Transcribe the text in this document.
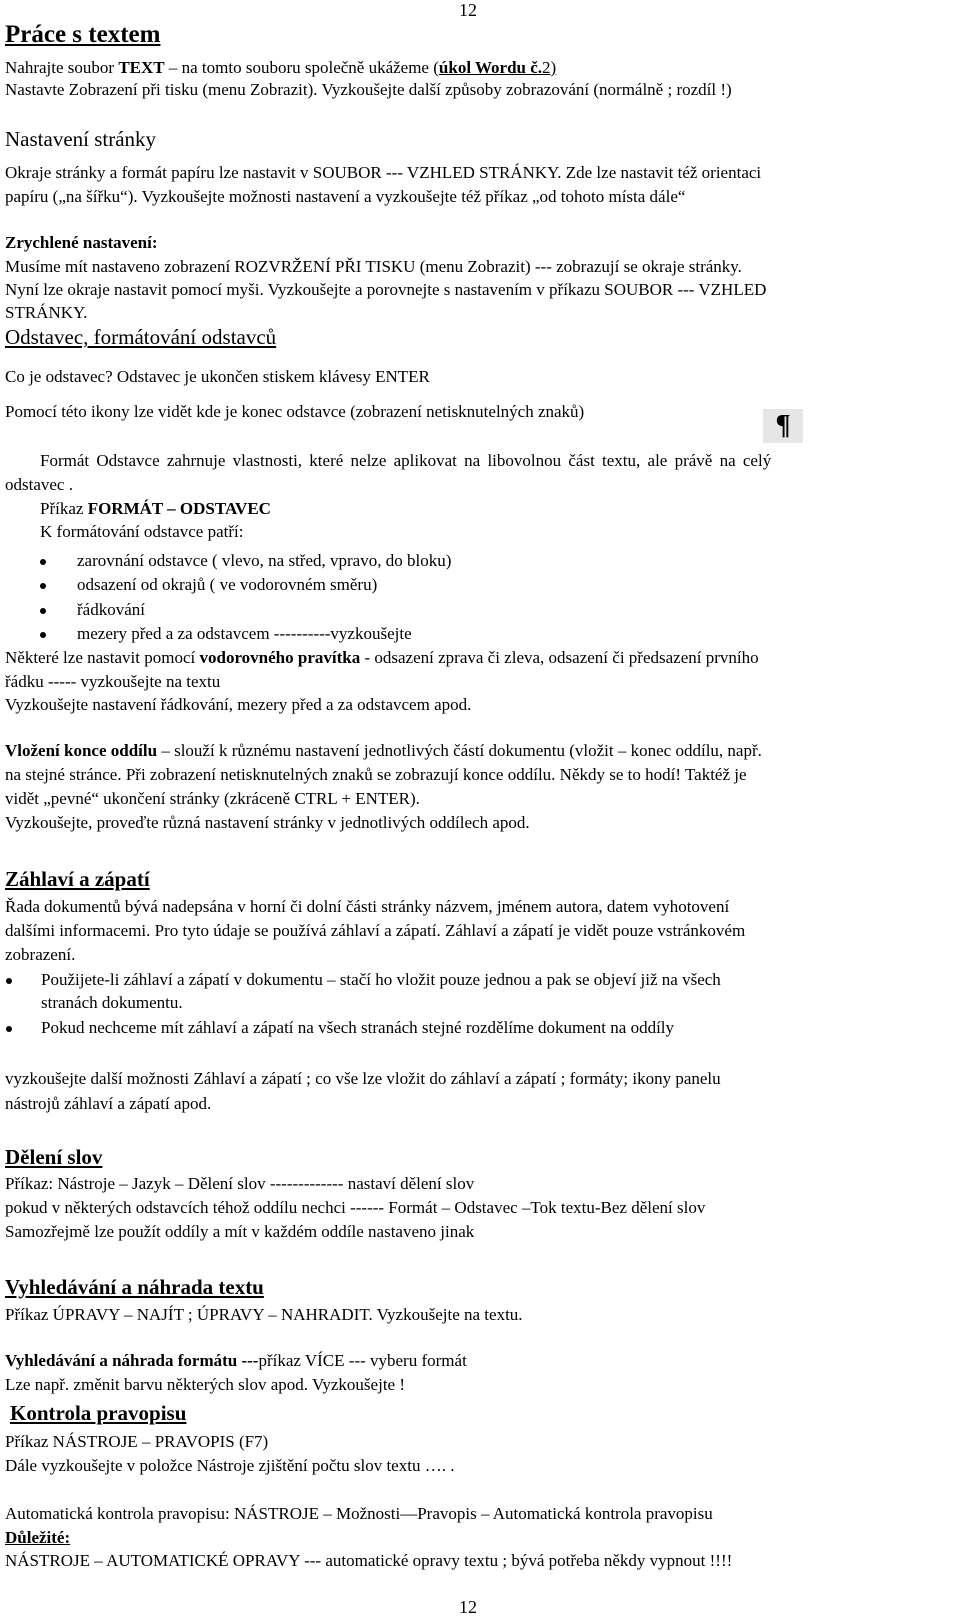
12
Práce s textem
Nahrajte soubor TEXT – na tomto souboru společně ukážeme (úkol Wordu č.2)
Nastavte Zobrazení při tisku (menu Zobrazit). Vyzkoušejte další způsoby zobrazování (normálně ; rozdíl !)
Nastavení stránky
Okraje stránky a formát papíru lze nastavit v SOUBOR --- VZHLED STRÁNKY. Zde lze nastavit též orientaci
papíru („na šířku“). Vyzkoušejte možnosti nastavení a vyzkoušejte též příkaz „od tohoto místa dále“
Zrychlené nastavení:
Musíme mít nastaveno zobrazení ROZVRŽENÍ PŘI TISKU (menu Zobrazit) --- zobrazují se okraje stránky.
Nyní lze okraje nastavit pomocí myši. Vyzkoušejte a porovnejte s nastavením v příkazu SOUBOR --- VZHLED
STRÁNKY.
Odstavec, formátování odstavců
Co je odstavec? Odstavec je ukončen stiskem klávesy ENTER
Pomocí této ikony lze vidět kde je konec odstavce (zobrazení netisknutelných znaků)	¶
Formát Odstavce zahrnuje vlastnosti, které nelze aplikovat na libovolnou část textu, ale právě na celý
odstavec .
Příkaz FORMÁT – ODSTAVEC
K formátování odstavce patří:
zarovnání odstavce ( vlevo, na střed, vpravo, do bloku)
odsazení od okrajů ( ve vodorovném směru)
řádkování
mezery před a za odstavcem ----------vyzkoušejte
Některé lze nastavit pomocí vodorovného pravítka - odsazení zprava či zleva, odsazení či předsazení prvního
řádku ----- vyzkoušejte na textu
Vyzkoušejte nastavení řádkování, mezery před a za odstavcem apod.
Vložení konce oddílu – slouží k různému nastavení jednotlivých částí dokumentu (vložit – konec oddílu, např.
na stejné stránce. Při zobrazení netisknutelných znaků se zobrazují konce oddílu. Někdy se to hodí! Taktéž je
vidět „pevné“ ukončení stránky (zkráceně CTRL + ENTER).
Vyzkoušejte, proveďte různá nastavení stránky v jednotlivých oddílech apod.
Záhlaví a zápatí
Řada dokumentů bývá nadepsána v horní či dolní části stránky názvem, jménem autora, datem vyhotovení
dalšími informacemi. Pro tyto údaje se používá záhlaví a zápatí. Záhlaví a zápatí je vidět pouze vstránkovém
zobrazení.
Použijete-li záhlaví a zápatí v dokumentu – stačí ho vložit pouze jednou a pak se objeví již na všech
stranách dokumentu.
Pokud nechceme mít záhlaví a zápatí na všech stranách stejné rozdělíme dokument na oddíly
vyzkoušejte další možnosti Záhlaví a zápatí ; co vše lze vložit do záhlaví a zápatí ; formáty; ikony panelu
nástrojů záhlaví a zápatí apod.
Dělení slov
Příkaz: Nástroje – Jazyk – Dělení slov ------------- nastaví dělení slov
pokud v některých odstavcích téhož oddílu nechci ------ Formát – Odstavec –Tok textu-Bez dělení slov
Samozřejmě lze použít oddíly a mít v každém oddíle nastaveno jinak
Vyhledávání a náhrada textu
Příkaz ÚPRAVY – NAJÍT ; ÚPRAVY – NAHRADIT. Vyzkoušejte na textu.
Vyhledávání a náhrada formátu ---příkaz VÍCE --- vyberu formát
Lze např. změnit barvu některých slov apod. Vyzkoušejte !
Kontrola pravopisu
Příkaz NÁSTROJE – PRAVOPIS (F7)
Dále vyzkoušejte v položce Nástroje zjištění počtu slov textu …. .
Automatická kontrola pravopisu: NÁSTROJE – Možnosti—Pravopis – Automatická kontrola pravopisu
Důležité:
NÁSTROJE – AUTOMATICKÉ OPRAVY --- automatické opravy textu ; bývá potřeba někdy vypnout !!!!
12
